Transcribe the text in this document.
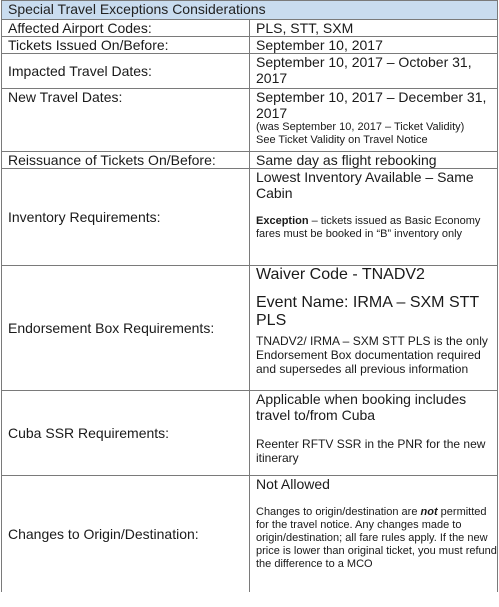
Special Travel Exceptions Considerations	
Affected Airport Codes:	PLS, STT, SXM
Tickets Issued On/Before:	September 10, 2017
Impacted Travel Dates:	September 10, 2017 – October 31, 2017
New Travel Dates:	September 10, 2017 – December 31, 2017
(was September 10, 2017 – Ticket Validity)
See Ticket Validity on Travel Notice

Reissuance of Tickets On/Before:	Same day as flight rebooking
Inventory Requirements:	Lowest Inventory Available – Same Cabin
Exception – tickets issued as Basic Economy fares must be booked in “B” inventory only

Endorsement Box Requirements:	Waiver Code - TNADV2
Event Name: IRMA – SXM STT PLS
TNADV2/ IRMA – SXM STT PLS is the only Endorsement Box documentation required and supersedes all previous information

Cuba SSR Requirements:	Applicable when booking includes travel to/from Cuba
Reenter RFTV SSR in the PNR for the new itinerary

Changes to Origin/Destination:	Not Allowed
Changes to origin/destination are not permitted for the travel notice. Any changes made to origin/destination; all fare rules apply. If the new price is lower than original ticket, you must refund the difference to a MCO
